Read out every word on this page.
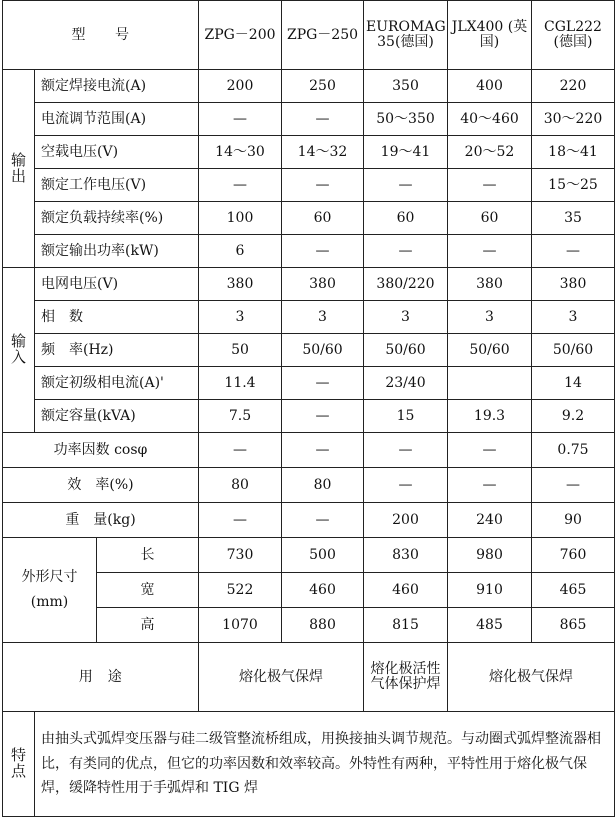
型　　号			ZPG－200	ZPG－250	EUROMAG 35(德国)	JLX400 (英国)	CGL222 (德国)

输出	额定焊接电流(A)		200	250	350	400	220
	电流调节范围(A)		—	—	50～350	40～460	30～220
	空载电压(V)		14～30	14～32	19～41	20～52	18～41
	额定工作电压(V)		—	—	—	—	15～25
	额定负载持续率(%)		100	60	60	60	35
	额定输出功率(kW)		6	—	—	—	—

输入	电网电压(V)		380	380	380/220	380	380
	相　数		3	3	3	3	3
	频　率(Hz)		50	50/60	50/60	50/60	50/60
	额定初级相电流(A)'		11.4	—	23/40		14
	额定容量(kVA)		7.5	—	15	19.3	9.2
功率因数 cosφ			—	—	—	—	0.75
效　率(%)			80	80	—	—	—
重　量(kg)			—	—	200	240	90

外形尺寸
(mm)		长	730	500	830	980	760
		宽	522	460	460	910	465
		高	1070	880	815	485	865
用　途			熔化极气保焊		熔化极活性气体保护焊	熔化极气保焊	
特点	由抽头式弧焊变压器与硅二级管整流桥组成，用换接抽头调节规范。与动圈式弧焊整流器相比，有类同的优点，但它的功率因数和效率较高。外特性有两种，平特性用于熔化极气保焊，缓降特性用于手弧焊和 TIG 焊						
